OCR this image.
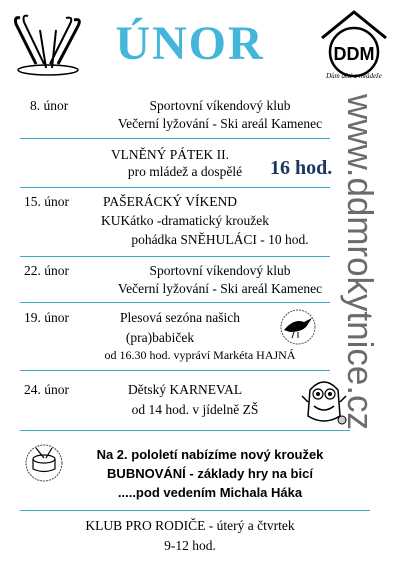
ÚNOR	DDM
Dům dětí a mládeže
www.ddmrokytnice.cz
8. únor	Sportovní víkendový klub
Večerní lyžování - Ski areál Kamenec
VLNĚNÝ PÁTEK II.
pro mládež a dospělé	16 hod.
15. únor	PAŠERÁCKÝ VÍKEND
KUKátko -dramatický kroužek
pohádka SNĚHULÁCI - 10 hod.
22. únor	Sportovní víkendový klub
Večerní lyžování - Ski areál Kamenec
19. únor	Plesová sezóna našich
(pra)babiček
od 16.30 hod. vypráví Markéta HAJNÁ
24. únor	Dětský KARNEVAL
od 14 hod. v jídelně ZŠ
Na 2. pololetí nabízíme nový kroužek
BUBNOVÁNÍ - základy hry na bicí
.....pod vedením Michala Háka
KLUB PRO RODIČE - úterý a čtvrtek
9-12 hod.
